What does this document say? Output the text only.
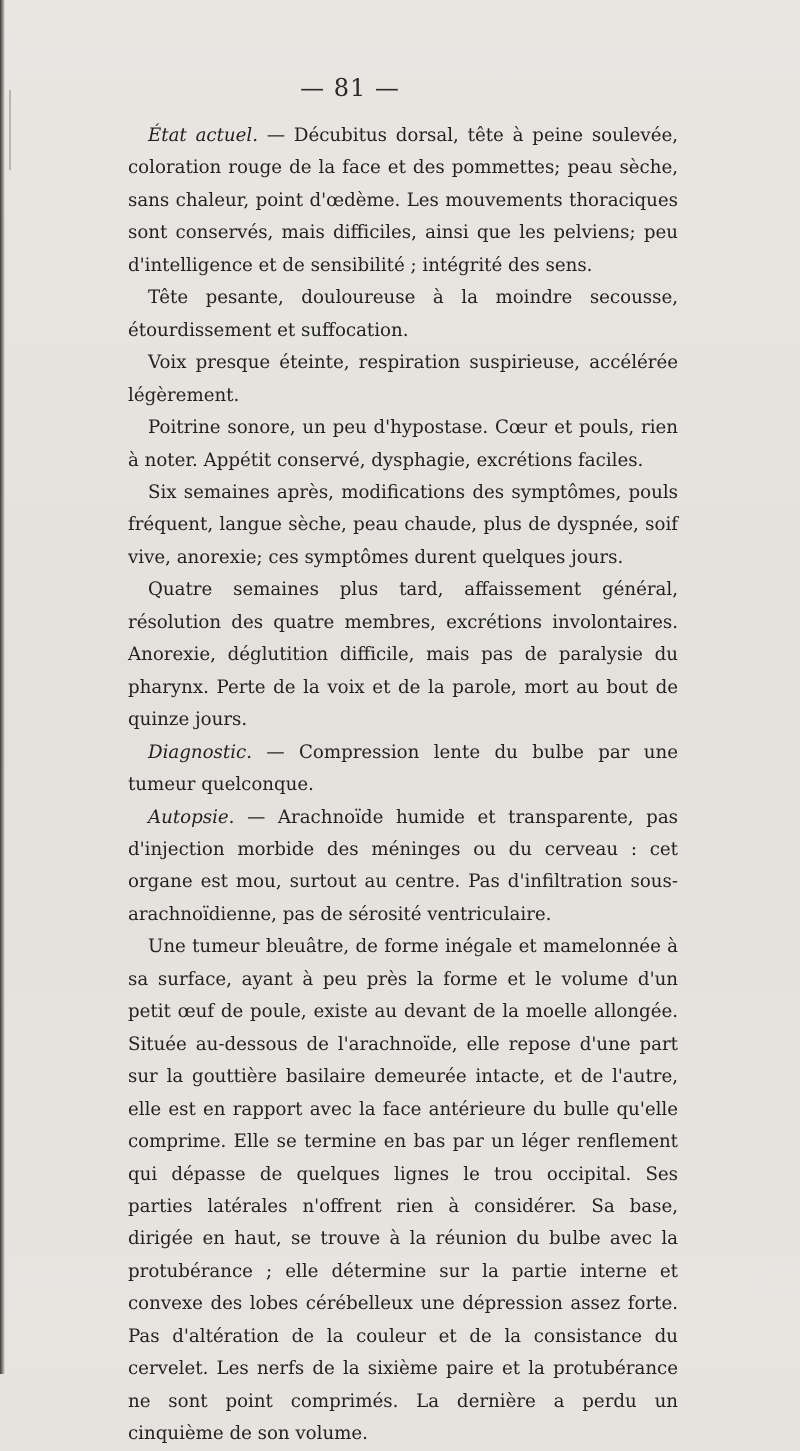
— 81 —

État actuel. — Décubitus dorsal, tête à peine soulevée, coloration rouge de la face et des pommettes; peau sèche, sans chaleur, point d'œdème. Les mouvements thoraciques sont conservés, mais difficiles, ainsi que les pelviens; peu d'intelligence et de sensibilité ; intégrité des sens.

Tête pesante, douloureuse à la moindre secousse, étourdissement et suffocation.

Voix presque éteinte, respiration suspirieuse, accélérée légèrement.

Poitrine sonore, un peu d'hypostase. Cœur et pouls, rien à noter. Appétit conservé, dysphagie, excrétions faciles.

Six semaines après, modifications des symptômes, pouls fréquent, langue sèche, peau chaude, plus de dyspnée, soif vive, anorexie; ces symptômes durent quelques jours.

Quatre semaines plus tard, affaissement général, résolution des quatre membres, excrétions involontaires. Anorexie, déglutition difficile, mais pas de paralysie du pharynx. Perte de la voix et de la parole, mort au bout de quinze jours.

Diagnostic. — Compression lente du bulbe par une tumeur quelconque.

Autopsie. — Arachnoïde humide et transparente, pas d'injection morbide des méninges ou du cerveau : cet organe est mou, surtout au centre. Pas d'infiltration sous-arachnoïdienne, pas de sérosité ventriculaire.

Une tumeur bleuâtre, de forme inégale et mamelonnée à sa surface, ayant à peu près la forme et le volume d'un petit œuf de poule, existe au devant de la moelle allongée. Située au-dessous de l'arachnoïde, elle repose d'une part sur la gouttière basilaire demeurée intacte, et de l'autre, elle est en rapport avec la face antérieure du bulle qu'elle comprime. Elle se termine en bas par un léger renflement qui dépasse de quelques lignes le trou occipital. Ses parties latérales n'offrent rien à considérer. Sa base, dirigée en haut, se trouve à la réunion du bulbe avec la protubérance ; elle détermine sur la partie interne et convexe des lobes cérébelleux une dépression assez forte. Pas d'altération de la couleur et de la consistance du cervelet. Les nerfs de la sixième paire et la protubérance ne sont point comprimés. La dernière a perdu un cinquième de son volume.
